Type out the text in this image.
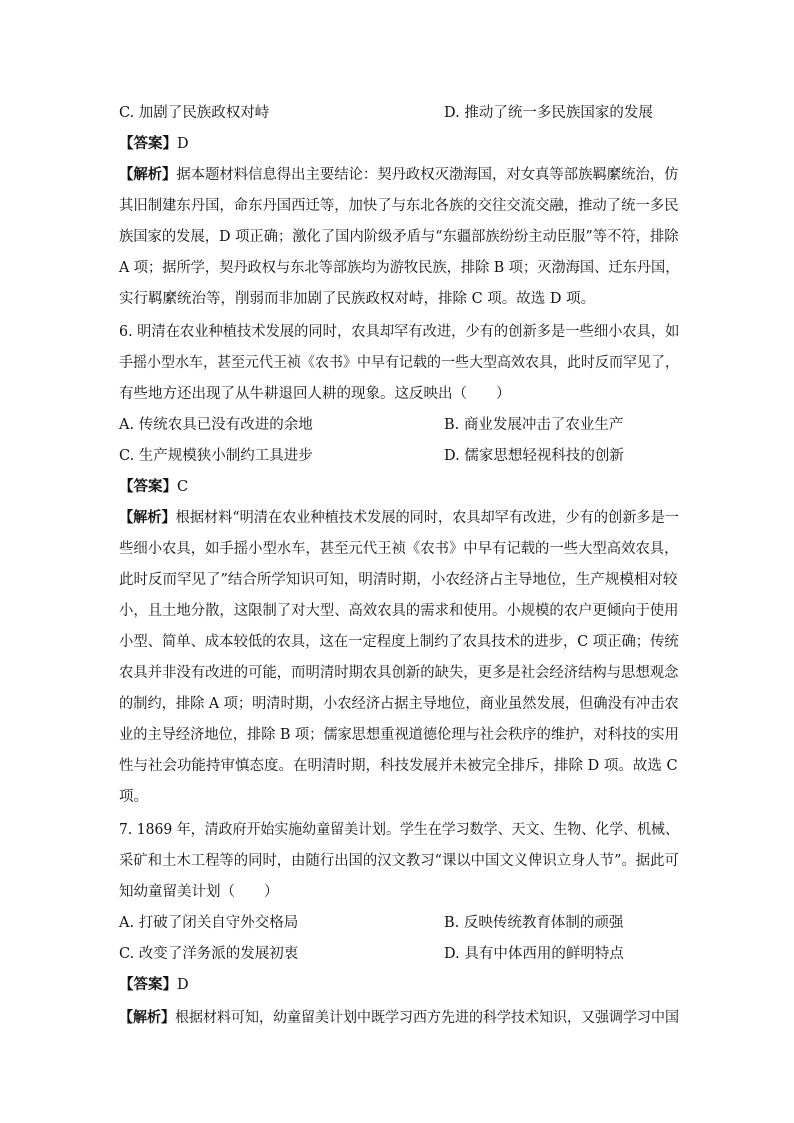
C. 加剧了民族政权对峙	D. 推动了统一多民族国家的发展
【答案】D
【解析】据本题材料信息得出主要结论：契丹政权灭渤海国，对女真等部族羁縻统治，仿
其旧制建东丹国，命东丹国西迁等，加快了与东北各族的交往交流交融，推动了统一多民
族国家的发展，D 项正确；激化了国内阶级矛盾与“东疆部族纷纷主动臣服”等不符，排除
A 项；据所学，契丹政权与东北等部族均为游牧民族，排除 B 项；灭渤海国、迁东丹国，
实行羁縻统治等，削弱而非加剧了民族政权对峙，排除 C 项。故选 D 项。
6. 明清在农业种植技术发展的同时，农具却罕有改进，少有的创新多是一些细小农具，如
手摇小型水车，甚至元代王祯《农书》中早有记载的一些大型高效农具，此时反而罕见了，
有些地方还出现了从牛耕退回人耕的现象。这反映出（　　）
A. 传统农具已没有改进的余地	B. 商业发展冲击了农业生产
C. 生产规模狭小制约工具进步	D. 儒家思想轻视科技的创新
【答案】C
【解析】根据材料“明清在农业种植技术发展的同时，农具却罕有改进，少有的创新多是一
些细小农具，如手摇小型水车，甚至元代王祯《农书》中早有记载的一些大型高效农具，
此时反而罕见了”结合所学知识可知，明清时期，小农经济占主导地位，生产规模相对较
小，且土地分散，这限制了对大型、高效农具的需求和使用。小规模的农户更倾向于使用
小型、简单、成本较低的农具，这在一定程度上制约了农具技术的进步，C 项正确；传统
农具并非没有改进的可能，而明清时期农具创新的缺失，更多是社会经济结构与思想观念
的制约，排除 A 项；明清时期，小农经济占据主导地位，商业虽然发展，但确没有冲击农
业的主导经济地位，排除 B 项；儒家思想重视道德伦理与社会秩序的维护，对科技的实用
性与社会功能持审慎态度。在明清时期，科技发展并未被完全排斥，排除 D 项。故选 C
项。
7. 1869 年，清政府开始实施幼童留美计划。学生在学习数学、天文、生物、化学、机械、
采矿和土木工程等的同时，由随行出国的汉文教习“课以中国文义俾识立身人节”。据此可
知幼童留美计划（　　）
A. 打破了闭关自守外交格局	B. 反映传统教育体制的顽强
C. 改变了洋务派的发展初衷	D. 具有中体西用的鲜明特点
【答案】D
【解析】根据材料可知，幼童留美计划中既学习西方先进的科学技术知识，又强调学习中国
